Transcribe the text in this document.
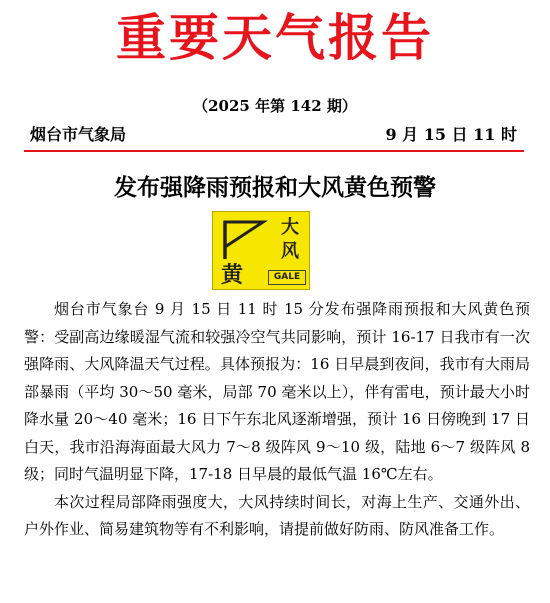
重要天气报告
（2025 年第 142 期）
烟台市气象局	9 月 15 日 11 时
发布强降雨预报和大风黄色预警
大
风
黄	GALE

烟台市气象台 9 月 15 日 11 时 15 分发布强降雨预报和大风黄色预警：受副高边缘暖湿气流和较强冷空气共同影响，预计 16-17 日我市有一次强降雨、大风降温天气过程。具体预报为：16 日早晨到夜间，我市有大雨局部暴雨（平均 30～50 毫米，局部 70 毫米以上），伴有雷电，预计最大小时降水量 20～40 毫米；16 日下午东北风逐渐增强，预计 16 日傍晚到 17 日白天，我市沿海海面最大风力 7～8 级阵风 9～10 级，陆地 6～7 级阵风 8 级；同时气温明显下降，17-18 日早晨的最低气温 16℃左右。

本次过程局部降雨强度大，大风持续时间长，对海上生产、交通外出、户外作业、简易建筑物等有不利影响，请提前做好防雨、防风准备工作。
